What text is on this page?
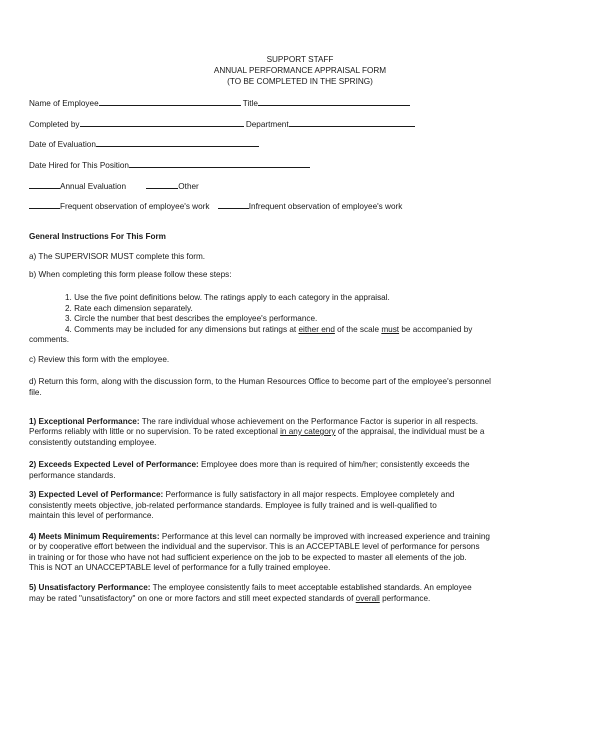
SUPPORT STAFF
ANNUAL PERFORMANCE APPRAISAL FORM
(TO BE COMPLETED IN THE SPRING)
Name of Employee	Title
Completed by	Department
Date of Evaluation
Date Hired for This Position
Annual Evaluation	Other
Frequent observation of employee's work	Infrequent observation of employee's work
General Instructions For This Form
a) The SUPERVISOR MUST complete this form.
b) When completing this form please follow these steps:
1. Use the five point definitions below. The ratings apply to each category in the appraisal.
2. Rate each dimension separately.
3. Circle the number that best describes the employee's performance.
4. Comments may be included for any dimensions but ratings at either end of the scale must be accompanied by
comments.
c) Review this form with the employee.
d) Return this form, along with the discussion form, to the Human Resources Office to become part of the employee's personnel
file.
1) Exceptional Performance: The rare individual whose achievement on the Performance Factor is superior in all respects.
Performs reliably with little or no supervision. To be rated exceptional in any category of the appraisal, the individual must be a
consistently outstanding employee.
2) Exceeds Expected Level of Performance: Employee does more than is required of him/her; consistently exceeds the
performance standards.
3) Expected Level of Performance: Performance is fully satisfactory in all major respects. Employee completely and
consistently meets objective, job-related performance standards. Employee is fully trained and is well-qualified to
maintain this level of performance.
4) Meets Minimum Requirements: Performance at this level can normally be improved with increased experience and training
or by cooperative effort between the individual and the supervisor. This is an ACCEPTABLE level of performance for persons
in training or for those who have not had sufficient experience on the job to be expected to master all elements of the job.
This is NOT an UNACCEPTABLE level of performance for a fully trained employee.
5) Unsatisfactory Performance: The employee consistently fails to meet acceptable established standards. An employee
may be rated "unsatisfactory" on one or more factors and still meet expected standards of overall performance.
